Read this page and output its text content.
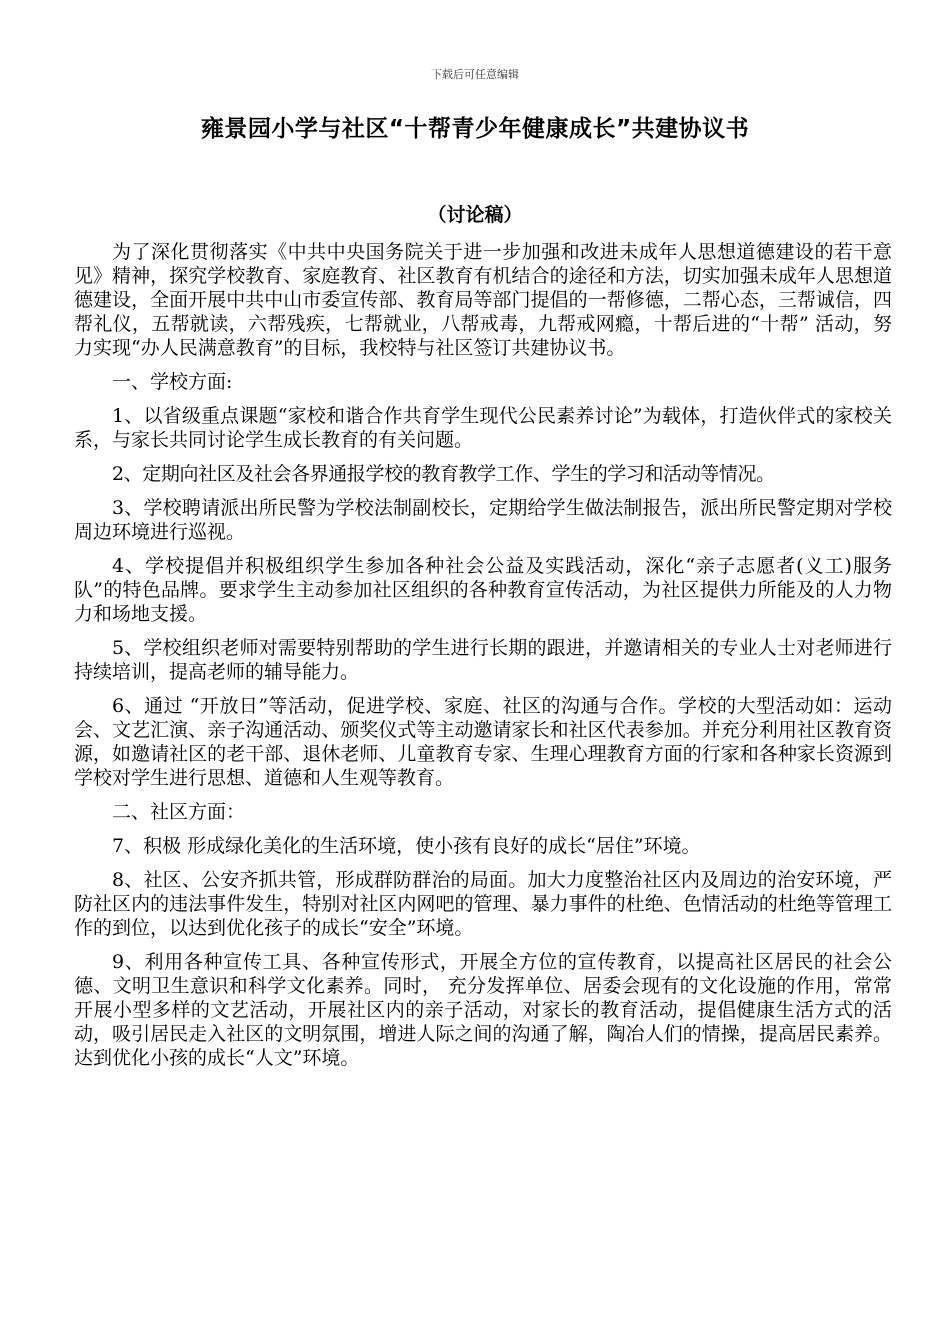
下载后可任意编辑
雍景园小学与社区“十帮青少年健康成长”共建协议书
（讨论稿）

为了深化贯彻落实《中共中央国务院关于进一步加强和改进未成年人思想道德建设的若干意见》精神，探究学校教育、家庭教育、社区教育有机结合的途径和方法，切实加强未成年人思想道德建设，全面开展中共中山市委宣传部、教育局等部门提倡的一帮修德，二帮心态，三帮诚信，四帮礼仪，五帮就读，六帮残疾，七帮就业，八帮戒毒，九帮戒网瘾，十帮后进的“十帮” 活动，努力实现“办人民满意教育”的目标，我校特与社区签订共建协议书。

一、学校方面:

1、以省级重点课题“家校和谐合作共育学生现代公民素养讨论”为载体，打造伙伴式的家校关系，与家长共同讨论学生成长教育的有关问题。

2、定期向社区及社会各界通报学校的教育教学工作、学生的学习和活动等情况。

3、学校聘请派出所民警为学校法制副校长，定期给学生做法制报告，派出所民警定期对学校周边环境进行巡视。

4、学校提倡并积极组织学生参加各种社会公益及实践活动，深化“亲子志愿者(义工)服务队”的特色品牌。要求学生主动参加社区组织的各种教育宣传活动，为社区提供力所能及的人力物力和场地支援。

5、学校组织老师对需要特别帮助的学生进行长期的跟进，并邀请相关的专业人士对老师进行持续培训，提高老师的辅导能力。

6、通过 “开放日”等活动，促进学校、家庭、社区的沟通与合作。学校的大型活动如：运动会、文艺汇演、亲子沟通活动、颁奖仪式等主动邀请家长和社区代表参加。并充分利用社区教育资源，如邀请社区的老干部、退休老师、儿童教育专家、生理心理教育方面的行家和各种家长资源到学校对学生进行思想、道德和人生观等教育。

二、社区方面：

7、积极 形成绿化美化的生活环境，使小孩有良好的成长“居住”环境。

8、社区、公安齐抓共管，形成群防群治的局面。加大力度整治社区内及周边的治安环境，严防社区内的违法事件发生，特别对社区内网吧的管理、暴力事件的杜绝、色情活动的杜绝等管理工作的到位，以达到优化孩子的成长“安全”环境。

9、利用各种宣传工具、各种宣传形式，开展全方位的宣传教育，以提高社区居民的社会公德、文明卫生意识和科学文化素养。同时， 充分发挥单位、居委会现有的文化设施的作用，常常开展小型多样的文艺活动，开展社区内的亲子活动，对家长的教育活动，提倡健康生活方式的活动，吸引居民走入社区的文明氛围，增进人际之间的沟通了解，陶冶人们的情操，提高居民素养。达到优化小孩的成长“人文”环境。
